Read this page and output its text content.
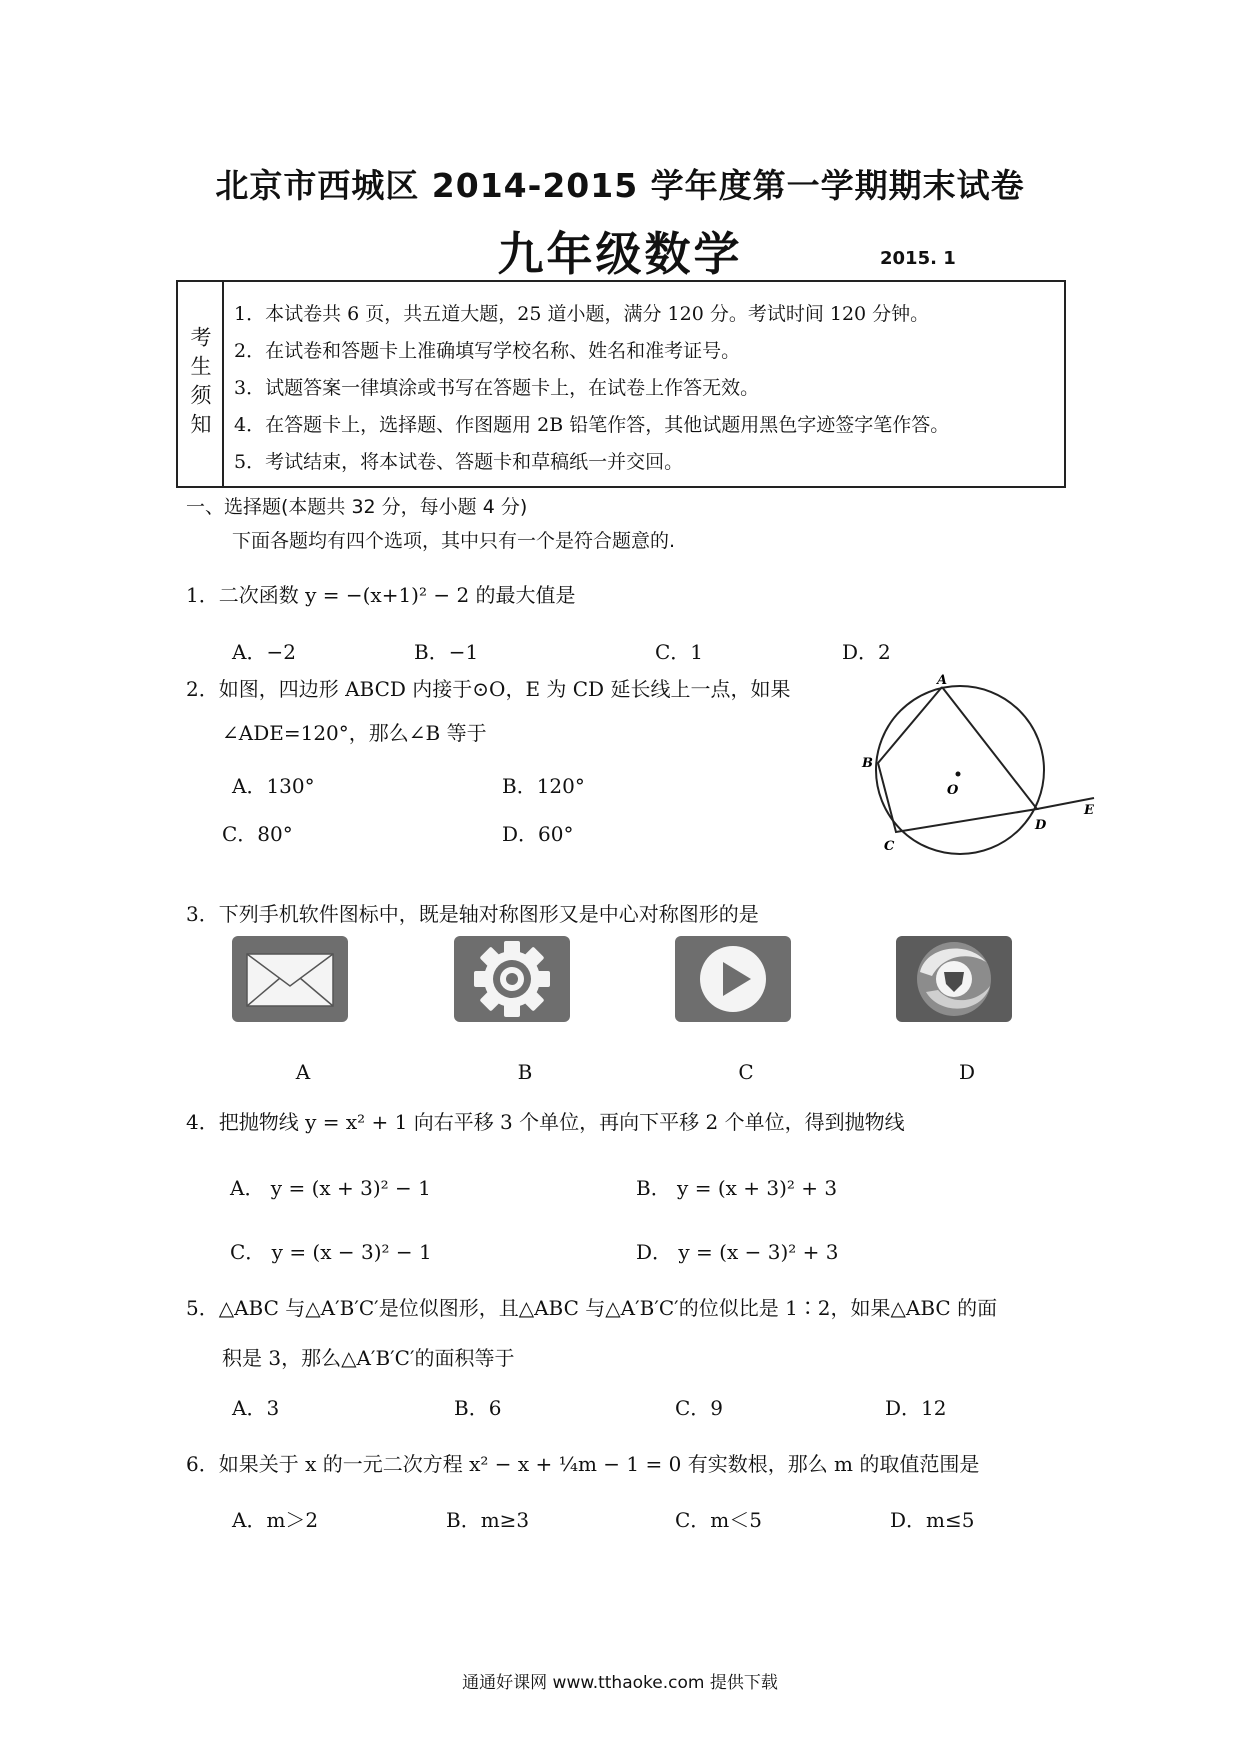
北京市西城区 2014-2015 学年度第一学期期末试卷
九年级数学	2015. 1
考生须知
1．本试卷共 6 页，共五道大题，25 道小题，满分 120 分。考试时间 120 分钟。
2．在试卷和答题卡上准确填写学校名称、姓名和准考证号。
3．试题答案一律填涂或书写在答题卡上，在试卷上作答无效。
4．在答题卡上，选择题、作图题用 2B 铅笔作答，其他试题用黑色字迹签字笔作答。
5．考试结束，将本试卷、答题卡和草稿纸一并交回。
一、选择题(本题共 32 分，每小题 4 分)
下面各题均有四个选项，其中只有一个是符合题意的.
1．二次函数 y = −(x+1)² − 2 的最大值是
A．−2	B．−1	C．1	D．2
2．如图，四边形 ABCD 内接于⊙O，E 为 CD 延长线上一点，如果
∠ADE=120°，那么∠B 等于
A．130°	B．120°
C．80°	D．60°
A
B
C
D
E
O
3．下列手机软件图标中，既是轴对称图形又是中心对称图形的是
A	B	C	D
4．把抛物线 y = x² + 1 向右平移 3 个单位，再向下平移 2 个单位，得到抛物线
A． y = (x + 3)² − 1	B． y = (x + 3)² + 3
C． y = (x − 3)² − 1	D． y = (x − 3)² + 3
5．△ABC 与△A′B′C′是位似图形，且△ABC 与△A′B′C′的位似比是 1∶2，如果△ABC 的面
积是 3，那么△A′B′C′的面积等于
A．3	B．6	C．9	D．12
6．如果关于 x 的一元二次方程 x² − x + ¼m − 1 = 0 有实数根，那么 m 的取值范围是
A．m＞2	B．m≥3	C．m＜5	D．m≤5
通通好课网 www.tthaoke.com 提供下载
